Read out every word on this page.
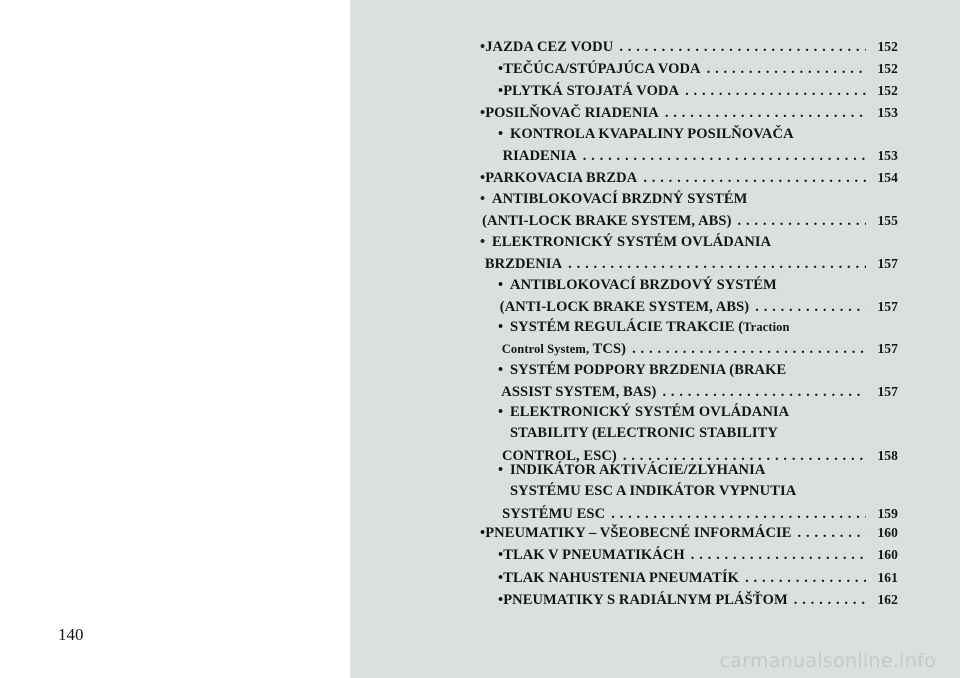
140
• JAZDA CEZ VODU . . .	152
• TEČÚCA/STÚPAJÚCA VODA . . .	152
• PLYTKÁ STOJATÁ VODA . . .	152
• POSILŇOVAČ RIADENIA . . .	153
• KONTROLA KVAPALINY POSILŇOVAČA
RIADENIA . . .	153
• PARKOVACIA BRZDA . . .	154
• ANTIBLOKOVACÍ BRZDNÝ SYSTÉM
(ANTI-LOCK BRAKE SYSTEM, ABS) . . .	155
• ELEKTRONICKÝ SYSTÉM OVLÁDANIA
BRZDENIA . . .	157
• ANTIBLOKOVACÍ BRZDOVÝ SYSTÉM
(ANTI-LOCK BRAKE SYSTEM, ABS) . . .	157
• SYSTÉM REGULÁCIE TRAKCIE (Traction
Control System, TCS) . . .	157
• SYSTÉM PODPORY BRZDENIA (BRAKE
ASSIST SYSTEM, BAS) . . .	157
• ELEKTRONICKÝ SYSTÉM OVLÁDANIA
STABILITY (ELECTRONIC STABILITY
CONTROL, ESC) . . .	158
• INDIKÁTOR AKTIVÁCIE/ZLYHANIA
SYSTÉMU ESC A INDIKÁTOR VYPNUTIA
SYSTÉMU ESC . . .	159
• PNEUMATIKY – VŠEOBECNÉ INFORMÁCIE . . .	160
• TLAK V PNEUMATIKÁCH . . .	160
• TLAK NAHUSTENIA PNEUMATÍK . . .	161
• PNEUMATIKY S RADIÁLNYM PLÁŠŤOM . . .	162
carmanualsonline.info
